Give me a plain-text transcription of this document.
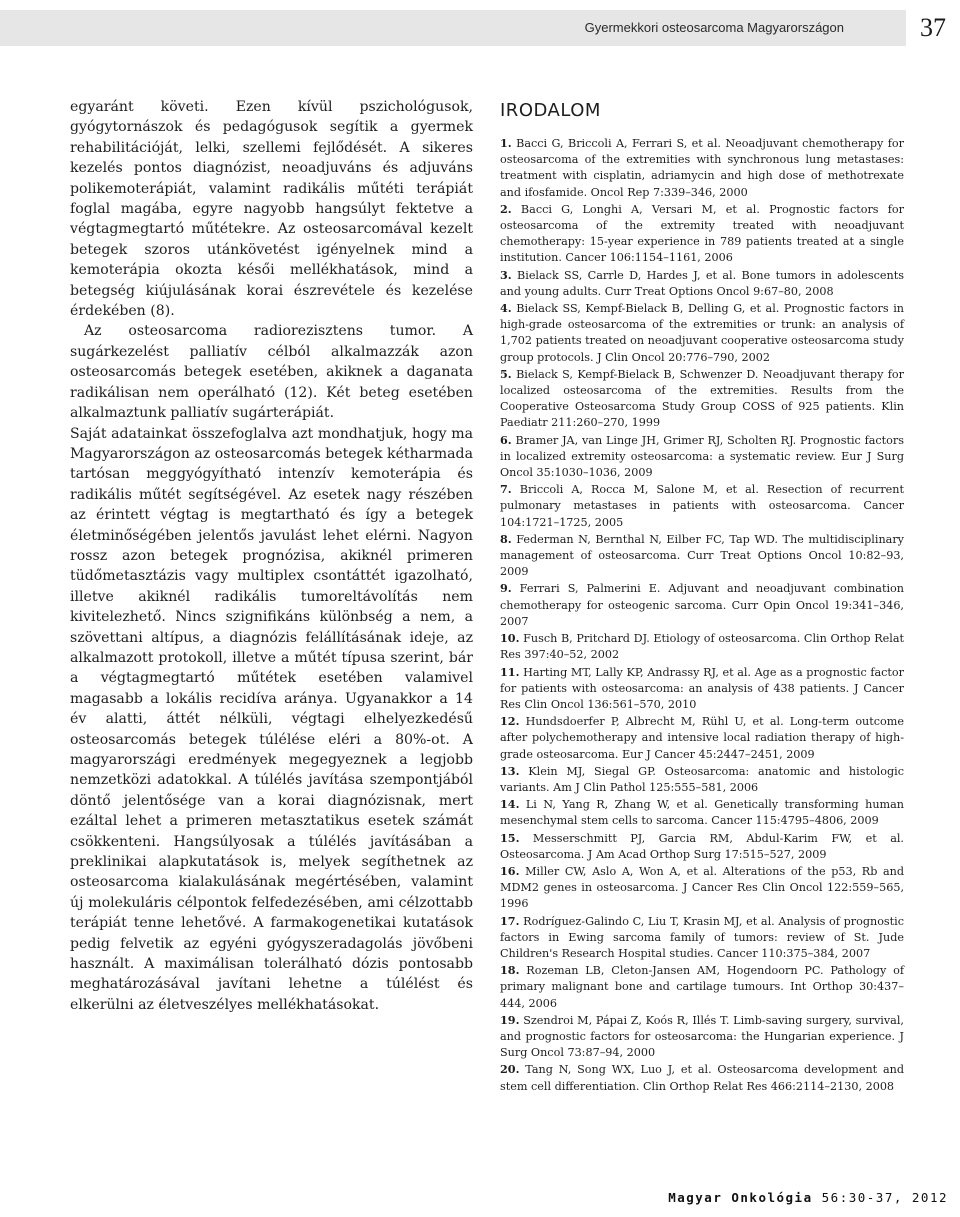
Gyermekkori osteosarcoma Magyarországon	37

egyaránt követi. Ezen kívül pszichológusok, gyógytornászok és pedagógusok segítik a gyermek rehabilitációját, lelki, szellemi fejlődését. A sikeres kezelés pontos diagnózist, neoadjuváns és adjuváns polikemoterápiát, valamint radikális műtéti terápiát foglal magába, egyre nagyobb hangsúlyt fektetve a végtagmegtartó műtétekre. Az osteosarcomával kezelt betegek szoros utánkövetést igényelnek mind a kemoterápia okozta késői mellékhatások, mind a betegség kiújulásának korai észrevétele és kezelése érdekében (8).

Az osteosarcoma radiorezisztens tumor. A sugárkezelést palliatív célból alkalmazzák azon osteosarcomás betegek esetében, akiknek a daganata radikálisan nem operálható (12). Két beteg esetében alkalmaztunk palliatív sugárterápiát.

Saját adatainkat összefoglalva azt mondhatjuk, hogy ma Magyarországon az osteosarcomás betegek kétharmada tartósan meggyógyítható intenzív kemoterápia és radikális műtét segítségével. Az esetek nagy részében az érintett végtag is megtartható és így a betegek életminőségében jelentős javulást lehet elérni. Nagyon rossz azon betegek prognózisa, akiknél primeren tüdőmetasztázis vagy multiplex csontáttét igazolható, illetve akiknél radikális tumoreltávolítás nem kivitelezhető. Nincs szignifikáns különbség a nem, a szövettani altípus, a diagnózis felállításának ideje, az alkalmazott protokoll, illetve a műtét típusa szerint, bár a végtagmegtartó műtétek esetében valamivel magasabb a lokális recidíva aránya. Ugyanakkor a 14 év alatti, áttét nélküli, végtagi elhelyezkedésű osteosarcomás betegek túlélése eléri a 80%-ot. A magyarországi eredmények megegyeznek a legjobb nemzetközi adatokkal. A túlélés javítása szempontjából döntő jelentősége van a korai diagnózisnak, mert ezáltal lehet a primeren metasztatikus esetek számát csökkenteni. Hangsúlyosak a túlélés javításában a preklinikai alapkutatások is, melyek segíthetnek az osteosarcoma kialakulásának megértésében, valamint új molekuláris célpontok felfedezésében, ami célzottabb terápiát tenne lehetővé. A farmakogenetikai kutatások pedig felvetik az egyéni gyógyszeradagolás jövőbeni használt. A maximálisan tolerálható dózis pontosabb meghatározásával javítani lehetne a túlélést és elkerülni az életveszélyes mellékhatásokat.

IRODALOM

1. Bacci G, Briccoli A, Ferrari S, et al. Neoadjuvant chemotherapy for osteosarcoma of the extremities with synchronous lung metastases: treatment with cisplatin, adriamycin and high dose of methotrexate and ifosfamide. Oncol Rep 7:339–346, 2000

2. Bacci G, Longhi A, Versari M, et al. Prognostic factors for osteosarcoma of the extremity treated with neoadjuvant chemotherapy: 15-year experience in 789 patients treated at a single institution. Cancer 106:1154–1161, 2006

3. Bielack SS, Carrle D, Hardes J, et al. Bone tumors in adolescents and young adults. Curr Treat Options Oncol 9:67–80, 2008

4. Bielack SS, Kempf-Bielack B, Delling G, et al. Prognostic factors in high-grade osteosarcoma of the extremities or trunk: an analysis of 1,702 patients treated on neoadjuvant cooperative osteosarcoma study group protocols. J Clin Oncol 20:776–790, 2002

5. Bielack S, Kempf-Bielack B, Schwenzer D. Neoadjuvant therapy for localized osteosarcoma of the extremities. Results from the Cooperative Osteosarcoma Study Group COSS of 925 patients. Klin Paediatr 211:260–270, 1999

6. Bramer JA, van Linge JH, Grimer RJ, Scholten RJ. Prognostic factors in localized extremity osteosarcoma: a systematic review. Eur J Surg Oncol 35:1030–1036, 2009

7. Briccoli A, Rocca M, Salone M, et al. Resection of recurrent pulmonary metastases in patients with osteosarcoma. Cancer 104:1721–1725, 2005

8. Federman N, Bernthal N, Eilber FC, Tap WD. The multidisciplinary management of osteosarcoma. Curr Treat Options Oncol 10:82–93, 2009

9. Ferrari S, Palmerini E. Adjuvant and neoadjuvant combination chemotherapy for osteogenic sarcoma. Curr Opin Oncol 19:341–346, 2007

10. Fusch B, Pritchard DJ. Etiology of osteosarcoma. Clin Orthop Relat Res 397:40–52, 2002

11. Harting MT, Lally KP, Andrassy RJ, et al. Age as a prognostic factor for patients with osteosarcoma: an analysis of 438 patients. J Cancer Res Clin Oncol 136:561–570, 2010

12. Hundsdoerfer P, Albrecht M, Rühl U, et al. Long-term outcome after polychemotherapy and intensive local radiation therapy of high-grade osteosarcoma. Eur J Cancer 45:2447–2451, 2009

13. Klein MJ, Siegal GP. Osteosarcoma: anatomic and histologic variants. Am J Clin Pathol 125:555–581, 2006

14. Li N, Yang R, Zhang W, et al. Genetically transforming human mesenchymal stem cells to sarcoma. Cancer 115:4795–4806, 2009

15. Messerschmitt PJ, Garcia RM, Abdul-Karim FW, et al. Osteosarcoma. J Am Acad Orthop Surg 17:515–527, 2009

16. Miller CW, Aslo A, Won A, et al. Alterations of the p53, Rb and MDM2 genes in osteosarcoma. J Cancer Res Clin Oncol 122:559–565, 1996

17. Rodríguez-Galindo C, Liu T, Krasin MJ, et al. Analysis of prognostic factors in Ewing sarcoma family of tumors: review of St. Jude Children's Research Hospital studies. Cancer 110:375–384, 2007

18. Rozeman LB, Cleton-Jansen AM, Hogendoorn PC. Pathology of primary malignant bone and cartilage tumours. Int Orthop 30:437–444, 2006

19. Szendroi M, Pápai Z, Koós R, Illés T. Limb-saving surgery, survival, and prognostic factors for osteosarcoma: the Hungarian experience. J Surg Oncol 73:87–94, 2000

20. Tang N, Song WX, Luo J, et al. Osteosarcoma development and stem cell differentiation. Clin Orthop Relat Res 466:2114–2130, 2008

Magyar Onkológia 56:30-37, 2012
